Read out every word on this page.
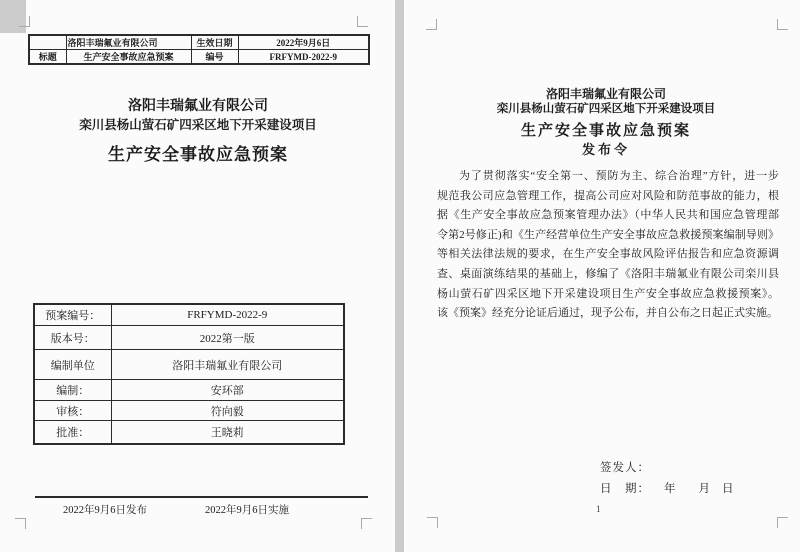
	洛阳丰瑞氟业有限公司	生效日期	2022年9月6日
标题	生产安全事故应急预案	编号	FRFYMD-2022-9
洛阳丰瑞氟业有限公司
栾川县杨山萤石矿四采区地下开采建设项目
生产安全事故应急预案
预案编号：	FRFYMD-2022-9
版本号：	2022第一版
编制单位	洛阳丰瑞氟业有限公司
编制：	安环部
审核：	符向毅
批准：	王晓莉
2022年9月6日发布	2022年9月6日实施
洛阳丰瑞氟业有限公司
栾川县杨山萤石矿四采区地下开采建设项目
生产安全事故应急预案
发布令
为了贯彻落实“安全第一、预防为主、综合治理”方针，进一步
规范我公司应急管理工作，提高公司应对风险和防范事故的能力，根
据《生产安全事故应急预案管理办法》（中华人民共和国应急管理部
令第2号修正)和《生产经营单位生产安全事故应急救援预案编制导则》
等相关法律法规的要求，在生产安全事故风险评估报告和应急资源调
查、桌面演练结果的基础上，修编了《洛阳丰瑞氟业有限公司栾川县
杨山萤石矿四采区地下开采建设项目生产安全事故应急救援预案》。
该《预案》经充分论证后通过，现予公布，并自公布之日起正式实施。
签发人：
日　期： 年 月 日
1
